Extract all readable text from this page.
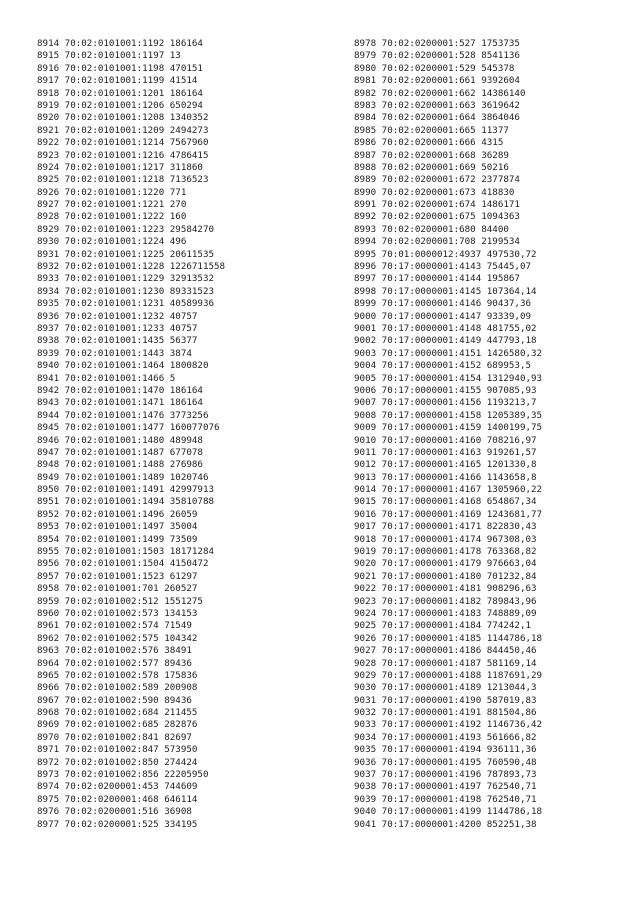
8914 70:02:0101001:1192 186164
8915 70:02:0101001:1197 13
8916 70:02:0101001:1198 470151
8917 70:02:0101001:1199 41514
8918 70:02:0101001:1201 186164
8919 70:02:0101001:1206 650294
8920 70:02:0101001:1208 1340352
8921 70:02:0101001:1209 2494273
8922 70:02:0101001:1214 7567960
8923 70:02:0101001:1216 4786415
8924 70:02:0101001:1217 311860
8925 70:02:0101001:1218 7136523
8926 70:02:0101001:1220 771
8927 70:02:0101001:1221 270
8928 70:02:0101001:1222 160
8929 70:02:0101001:1223 29584270
8930 70:02:0101001:1224 496
8931 70:02:0101001:1225 20611535
8932 70:02:0101001:1228 1226711558
8933 70:02:0101001:1229 32913532
8934 70:02:0101001:1230 89331523
8935 70:02:0101001:1231 40589936
8936 70:02:0101001:1232 40757
8937 70:02:0101001:1233 40757
8938 70:02:0101001:1435 56377
8939 70:02:0101001:1443 3874
8940 70:02:0101001:1464 1800820
8941 70:02:0101001:1466 5
8942 70:02:0101001:1470 186164
8943 70:02:0101001:1471 186164
8944 70:02:0101001:1476 3773256
8945 70:02:0101001:1477 160077076
8946 70:02:0101001:1480 489948
8947 70:02:0101001:1487 677078
8948 70:02:0101001:1488 276986
8949 70:02:0101001:1489 1020746
8950 70:02:0101001:1491 42997913
8951 70:02:0101001:1494 35810788
8952 70:02:0101001:1496 26059
8953 70:02:0101001:1497 35004
8954 70:02:0101001:1499 73509
8955 70:02:0101001:1503 18171284
8956 70:02:0101001:1504 4150472
8957 70:02:0101001:1523 61297
8958 70:02:0101001:701 260527
8959 70:02:0101002:512 1551275
8960 70:02:0101002:573 134153
8961 70:02:0101002:574 71549
8962 70:02:0101002:575 104342
8963 70:02:0101002:576 38491
8964 70:02:0101002:577 89436
8965 70:02:0101002:578 175836
8966 70:02:0101002:589 200908
8967 70:02:0101002:590 89436
8968 70:02:0101002:684 211455
8969 70:02:0101002:685 282876
8970 70:02:0101002:841 82697
8971 70:02:0101002:847 573950
8972 70:02:0101002:850 274424
8973 70:02:0101002:856 22205950
8974 70:02:0200001:453 744609
8975 70:02:0200001:468 646114
8976 70:02:0200001:516 36908
8977 70:02:0200001:525 334195
8978 70:02:0200001:527 1753735
8979 70:02:0200001:528 8541136
8980 70:02:0200001:529 545378
8981 70:02:0200001:661 9392604
8982 70:02:0200001:662 14386140
8983 70:02:0200001:663 3619642
8984 70:02:0200001:664 3864046
8985 70:02:0200001:665 11377
8986 70:02:0200001:666 4315
8987 70:02:0200001:668 36289
8988 70:02:0200001:669 50216
8989 70:02:0200001:672 2377874
8990 70:02:0200001:673 418830
8991 70:02:0200001:674 1486171
8992 70:02:0200001:675 1094363
8993 70:02:0200001:680 84400
8994 70:02:0200001:708 2199534
8995 70:01:0000012:4937 497530,72
8996 70:17:0000001:4143 75445,07
8997 70:17:0000001:4144 195867
8998 70:17:0000001:4145 107364,14
8999 70:17:0000001:4146 90437,36
9000 70:17:0000001:4147 93339,09
9001 70:17:0000001:4148 481755,02
9002 70:17:0000001:4149 447793,18
9003 70:17:0000001:4151 1426580,32
9004 70:17:0000001:4152 689953,5
9005 70:17:0000001:4154 1312940,93
9006 70:17:0000001:4155 907085,93
9007 70:17:0000001:4156 1193213,7
9008 70:17:0000001:4158 1205389,35
9009 70:17:0000001:4159 1400199,75
9010 70:17:0000001:4160 708216,97
9011 70:17:0000001:4163 919261,57
9012 70:17:0000001:4165 1201330,8
9013 70:17:0000001:4166 1143658,8
9014 70:17:0000001:4167 1305960,22
9015 70:17:0000001:4168 654867,34
9016 70:17:0000001:4169 1243681,77
9017 70:17:0000001:4171 822830,43
9018 70:17:0000001:4174 967308,03
9019 70:17:0000001:4178 763368,82
9020 70:17:0000001:4179 976663,04
9021 70:17:0000001:4180 701232,84
9022 70:17:0000001:4181 908296,63
9023 70:17:0000001:4182 789843,96
9024 70:17:0000001:4183 748889,09
9025 70:17:0000001:4184 774242,1
9026 70:17:0000001:4185 1144786,18
9027 70:17:0000001:4186 844450,46
9028 70:17:0000001:4187 581169,14
9029 70:17:0000001:4188 1187691,29
9030 70:17:0000001:4189 1213044,3
9031 70:17:0000001:4190 587019,83
9032 70:17:0000001:4191 881504,86
9033 70:17:0000001:4192 1146736,42
9034 70:17:0000001:4193 561666,82
9035 70:17:0000001:4194 936111,36
9036 70:17:0000001:4195 760590,48
9037 70:17:0000001:4196 787893,73
9038 70:17:0000001:4197 762540,71
9039 70:17:0000001:4198 762540,71
9040 70:17:0000001:4199 1144786,18
9041 70:17:0000001:4200 852251,38
